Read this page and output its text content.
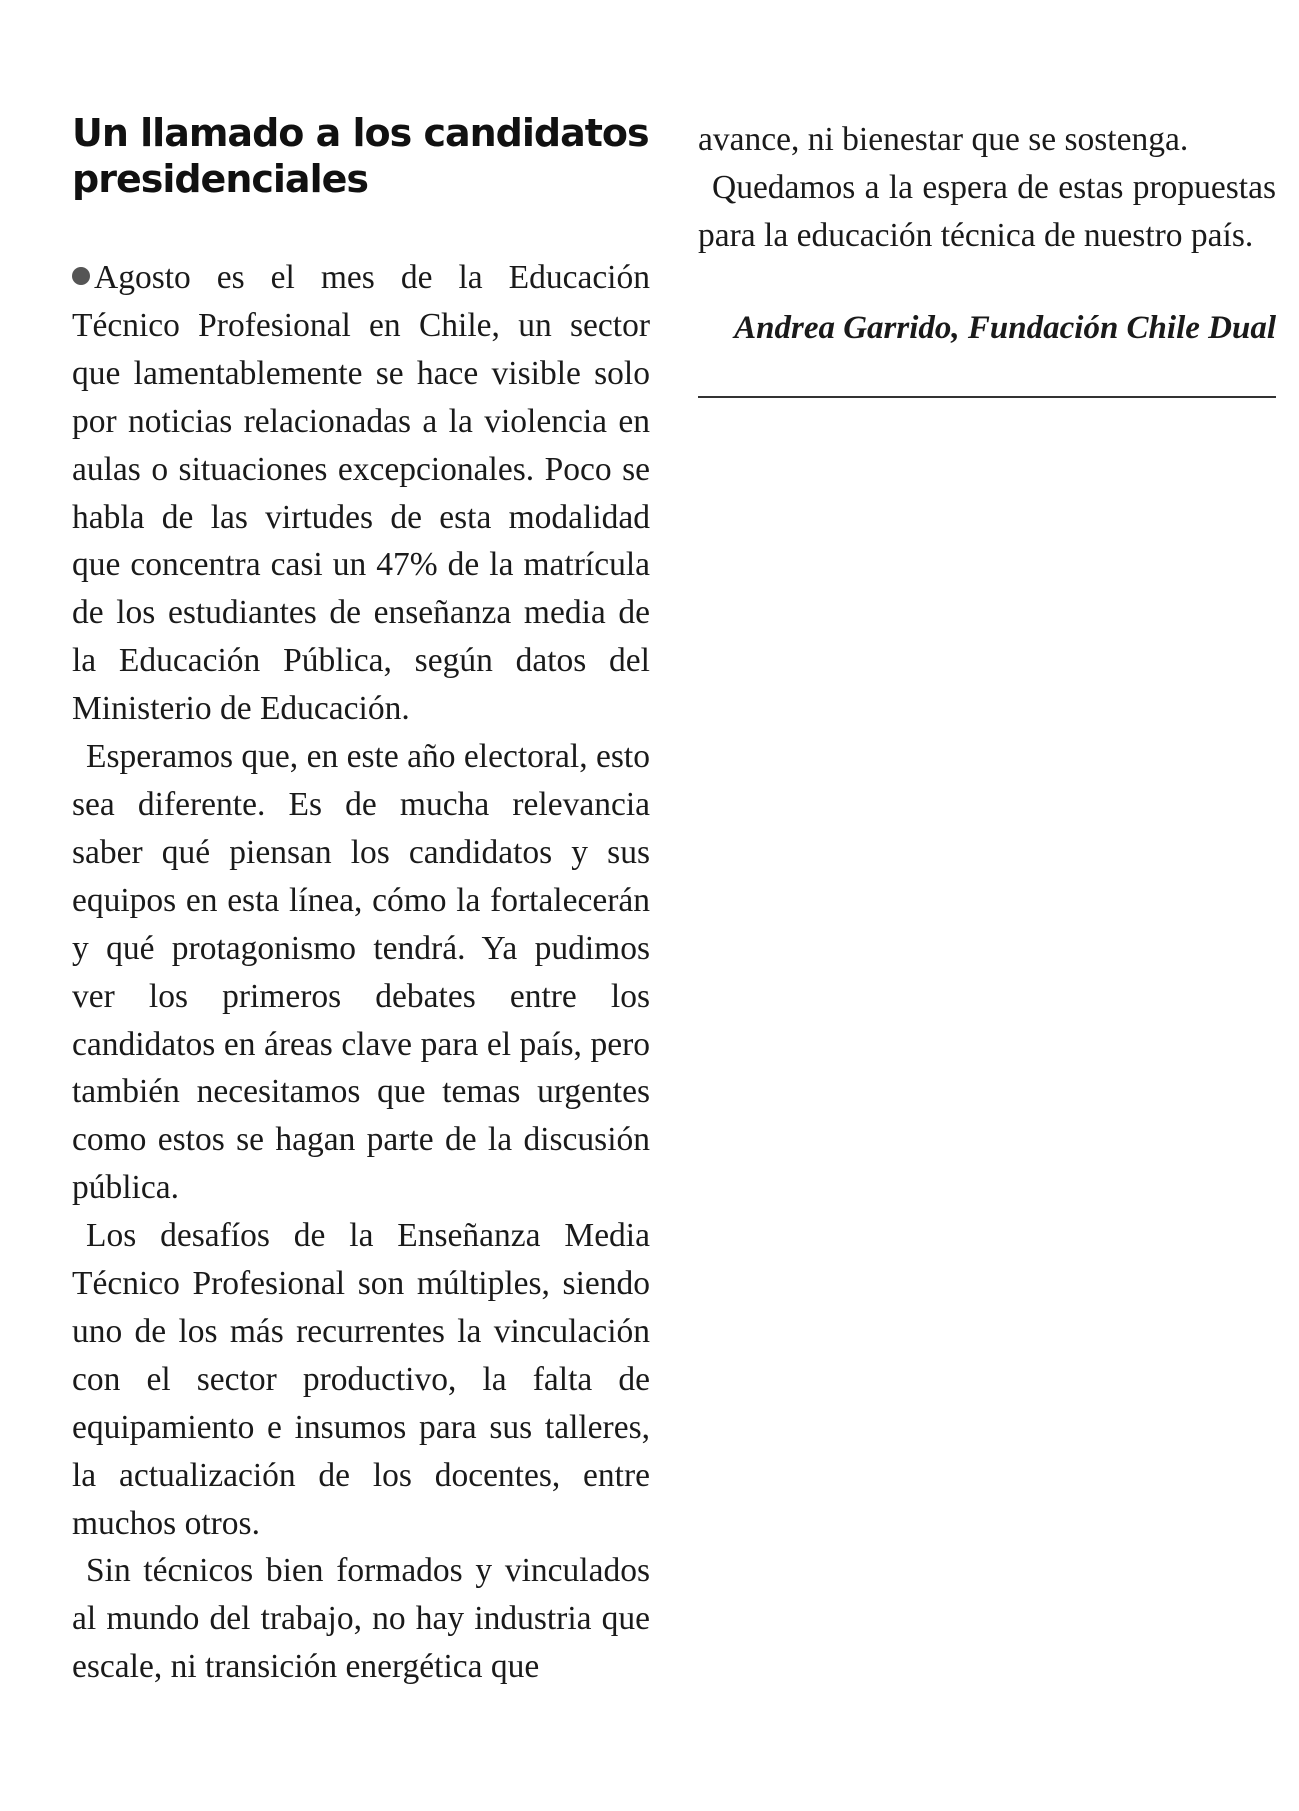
Un llamado a los candidatos presidenciales

Agosto es el mes de la Educación Técnico Profesional en Chile, un sector que lamentablemente se hace visible solo por noticias relacionadas a la violencia en aulas o situaciones excepcionales. Poco se habla de las virtudes de esta modalidad que concentra casi un 47% de la matrícula de los estudiantes de enseñanza media de la Educación Pública, según datos del Ministerio de Educación.

Esperamos que, en este año electoral, esto sea diferente. Es de mucha relevancia saber qué piensan los candidatos y sus equipos en esta línea, cómo la fortalecerán y qué protagonismo tendrá. Ya pudimos ver los primeros debates entre los candidatos en áreas clave para el país, pero también necesitamos que temas urgentes como estos se hagan parte de la discusión pública.

Los desafíos de la Enseñanza Media Técnico Profesional son múltiples, siendo uno de los más recurrentes la vinculación con el sector productivo, la falta de equipamiento e insumos para sus talleres, la actualización de los docentes, entre muchos otros.

Sin técnicos bien formados y vinculados al mundo del trabajo, no hay industria que escale, ni transición energética que

avance, ni bienestar que se sostenga.

Quedamos a la espera de estas propuestas para la educación técnica de nuestro país.

Andrea Garrido, Fundación Chile Dual
